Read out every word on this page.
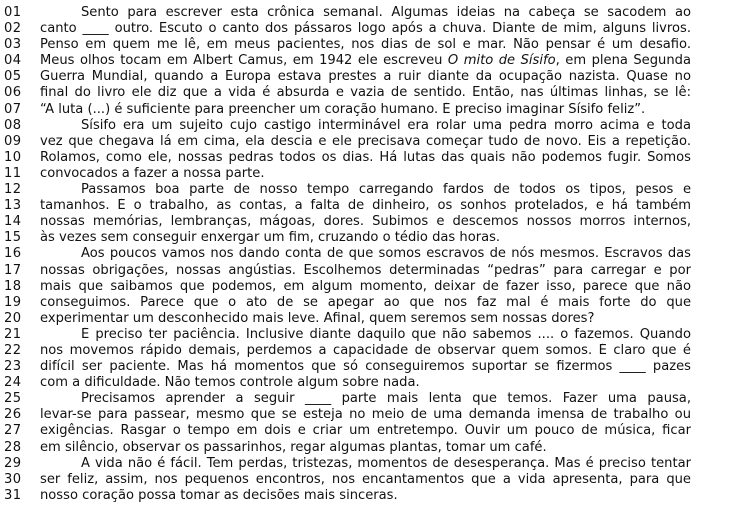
01	Sento para escrever esta crônica semanal. Algumas ideias na cabeça se sacodem ao
02	canto ____ outro. Escuto o canto dos pássaros logo após a chuva. Diante de mim, alguns livros.
03	Penso em quem me lê, em meus pacientes, nos dias de sol e mar. Não pensar é um desafio.
04	Meus olhos tocam em Albert Camus, em 1942 ele escreveu O mito de Sísifo, em plena Segunda
05	Guerra Mundial, quando a Europa estava prestes a ruir diante da ocupação nazista. Quase no
06	final do livro ele diz que a vida é absurda e vazia de sentido. Então, nas últimas linhas, se lê:
07	“A luta (...) é suficiente para preencher um coração humano. É preciso imaginar Sísifo feliz”.
08	Sísifo era um sujeito cujo castigo interminável era rolar uma pedra morro acima e toda
09	vez que chegava lá em cima, ela descia e ele precisava começar tudo de novo. Eis a repetição.
10	Rolamos, como ele, nossas pedras todos os dias. Há lutas das quais não podemos fugir. Somos
11	convocados a fazer a nossa parte.
12	Passamos boa parte de nosso tempo carregando fardos de todos os tipos, pesos e
13	tamanhos. É o trabalho, as contas, a falta de dinheiro, os sonhos protelados, e há também
14	nossas memórias, lembranças, mágoas, dores. Subimos e descemos nossos morros internos,
15	às vezes sem conseguir enxergar um fim, cruzando o tédio das horas.
16	Aos poucos vamos nos dando conta de que somos escravos de nós mesmos. Escravos das
17	nossas obrigações, nossas angústias. Escolhemos determinadas “pedras” para carregar e por
18	mais que saibamos que podemos, em algum momento, deixar de fazer isso, parece que não
19	conseguimos. Parece que o ato de se apegar ao que nos faz mal é mais forte do que
20	experimentar um desconhecido mais leve. Afinal, quem seremos sem nossas dores?
21	É preciso ter paciência. Inclusive diante daquilo que não sabemos .... o fazemos. Quando
22	nos movemos rápido demais, perdemos a capacidade de observar quem somos. É claro que é
23	difícil ser paciente. Mas há momentos que só conseguiremos suportar se fizermos ____ pazes
24	com a dificuldade. Não temos controle algum sobre nada.
25	Precisamos aprender a seguir ____ parte mais lenta que temos. Fazer uma pausa,
26	levar-se para passear, mesmo que se esteja no meio de uma demanda imensa de trabalho ou
27	exigências. Rasgar o tempo em dois e criar um entretempo. Ouvir um pouco de música, ficar
28	em silêncio, observar os passarinhos, regar algumas plantas, tomar um café.
29	A vida não é fácil. Tem perdas, tristezas, momentos de desesperança. Mas é preciso tentar
30	ser feliz, assim, nos pequenos encontros, nos encantamentos que a vida apresenta, para que
31	nosso coração possa tomar as decisões mais sinceras.
